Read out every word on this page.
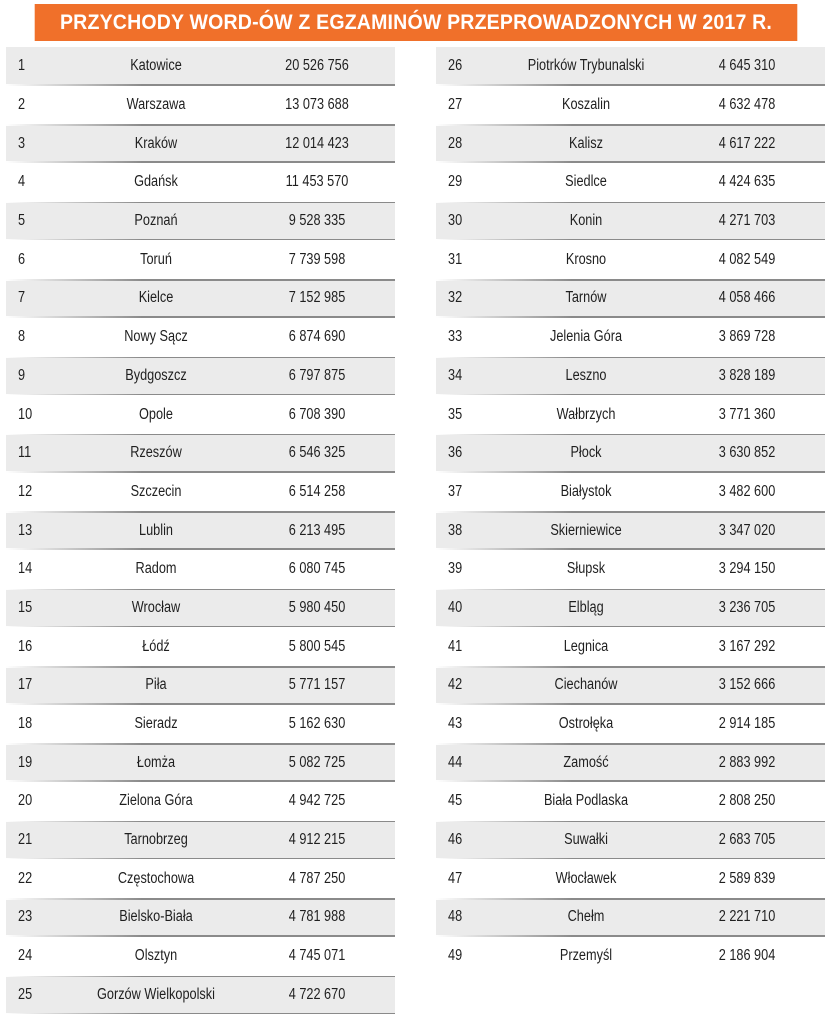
PRZYCHODY WORD-ÓW Z EGZAMINÓW PRZEPROWADZONYCH W 2017 R.
1	Katowice	20 526 756
2	Warszawa	13 073 688
3	Kraków	12 014 423
4	Gdańsk	11 453 570
5	Poznań	9 528 335
6	Toruń	7 739 598
7	Kielce	7 152 985
8	Nowy Sącz	6 874 690
9	Bydgoszcz	6 797 875
10	Opole	6 708 390
11	Rzeszów	6 546 325
12	Szczecin	6 514 258
13	Lublin	6 213 495
14	Radom	6 080 745
15	Wrocław	5 980 450
16	Łódź	5 800 545
17	Piła	5 771 157
18	Sieradz	5 162 630
19	Łomża	5 082 725
20	Zielona Góra	4 942 725
21	Tarnobrzeg	4 912 215
22	Częstochowa	4 787 250
23	Bielsko-Biała	4 781 988
24	Olsztyn	4 745 071
25	Gorzów Wielkopolski	4 722 670
26	Piotrków Trybunalski	4 645 310
27	Koszalin	4 632 478
28	Kalisz	4 617 222
29	Siedlce	4 424 635
30	Konin	4 271 703
31	Krosno	4 082 549
32	Tarnów	4 058 466
33	Jelenia Góra	3 869 728
34	Leszno	3 828 189
35	Wałbrzych	3 771 360
36	Płock	3 630 852
37	Białystok	3 482 600
38	Skierniewice	3 347 020
39	Słupsk	3 294 150
40	Elbląg	3 236 705
41	Legnica	3 167 292
42	Ciechanów	3 152 666
43	Ostrołęka	2 914 185
44	Zamość	2 883 992
45	Biała Podlaska	2 808 250
46	Suwałki	2 683 705
47	Włocławek	2 589 839
48	Chełm	2 221 710
49	Przemyśl	2 186 904
